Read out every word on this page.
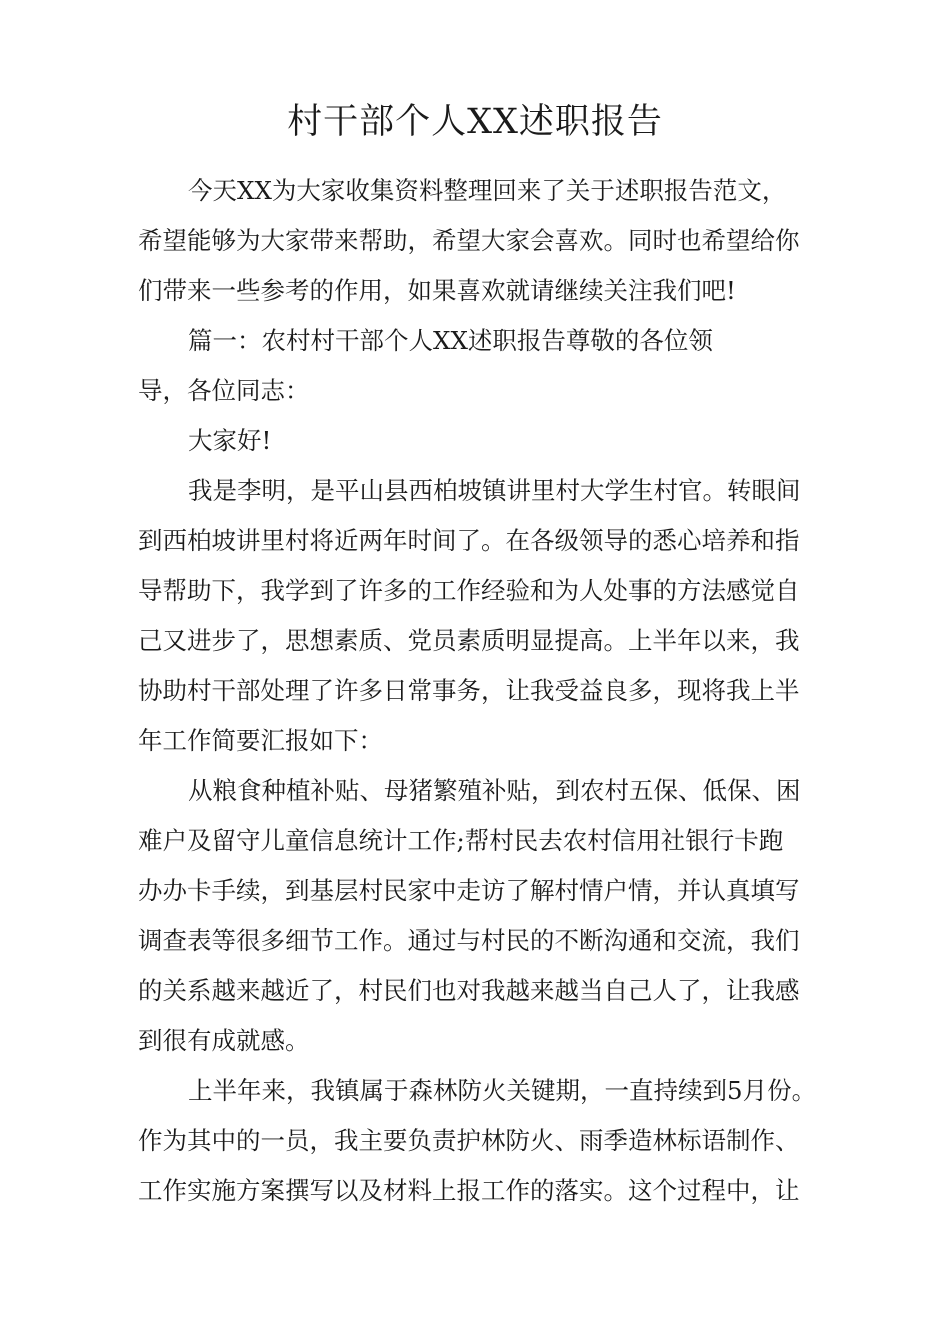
村干部个人XX述职报告
今天XX为大家收集资料整理回来了关于述职报告范文，
希望能够为大家带来帮助，希望大家会喜欢。同时也希望给你
们带来一些参考的作用，如果喜欢就请继续关注我们吧!
篇一：农村村干部个人XX述职报告尊敬的各位领
导，各位同志：
大家好!
我是李明，是平山县西柏坡镇讲里村大学生村官。转眼间
到西柏坡讲里村将近两年时间了。在各级领导的悉心培养和指
导帮助下，我学到了许多的工作经验和为人处事的方法感觉自
己又进步了，思想素质、党员素质明显提高。上半年以来，我
协助村干部处理了许多日常事务，让我受益良多，现将我上半
年工作简要汇报如下：
从粮食种植补贴、母猪繁殖补贴，到农村五保、低保、困
难户及留守儿童信息统计工作;帮村民去农村信用社银行卡跑
办办卡手续，到基层村民家中走访了解村情户情，并认真填写
调查表等很多细节工作。通过与村民的不断沟通和交流，我们
的关系越来越近了，村民们也对我越来越当自己人了，让我感
到很有成就感。
上半年来，我镇属于森林防火关键期，一直持续到5月份。
作为其中的一员，我主要负责护林防火、雨季造林标语制作、
工作实施方案撰写以及材料上报工作的落实。这个过程中，让
